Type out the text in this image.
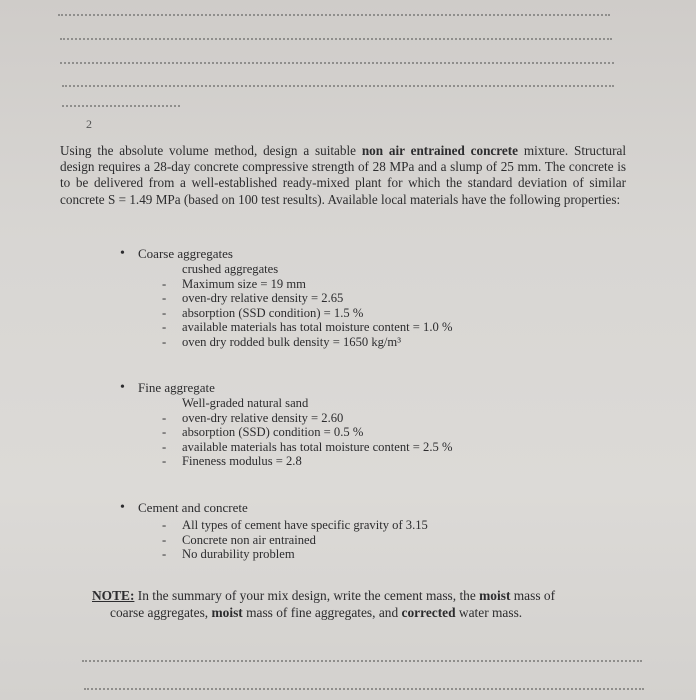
2
Using the absolute volume method, design a suitable non air entrained concrete mixture. Structural design requires a 28-day concrete compressive strength of 28 MPa and a slump of 25 mm. The concrete is to be delivered from a well-established ready-mixed plant for which the standard deviation of similar concrete S = 1.49 MPa (based on 100 test results). Available local materials have the following properties:
• Coarse aggregates
crushed aggregates
- Maximum size = 19 mm
- oven-dry relative density = 2.65
- absorption (SSD condition) = 1.5 %
- available materials has total moisture content = 1.0 %
- oven dry rodded bulk density = 1650 kg/m³
• Fine aggregate
Well-graded natural sand
- oven-dry relative density = 2.60
- absorption (SSD) condition = 0.5 %
- available materials has total moisture content = 2.5 %
- Fineness modulus = 2.8
• Cement and concrete
- All types of cement have specific gravity of 3.15
- Concrete non air entrained
- No durability problem
NOTE: In the summary of your mix design, write the cement mass, the moist mass of
coarse aggregates, moist mass of fine aggregates, and corrected water mass.
